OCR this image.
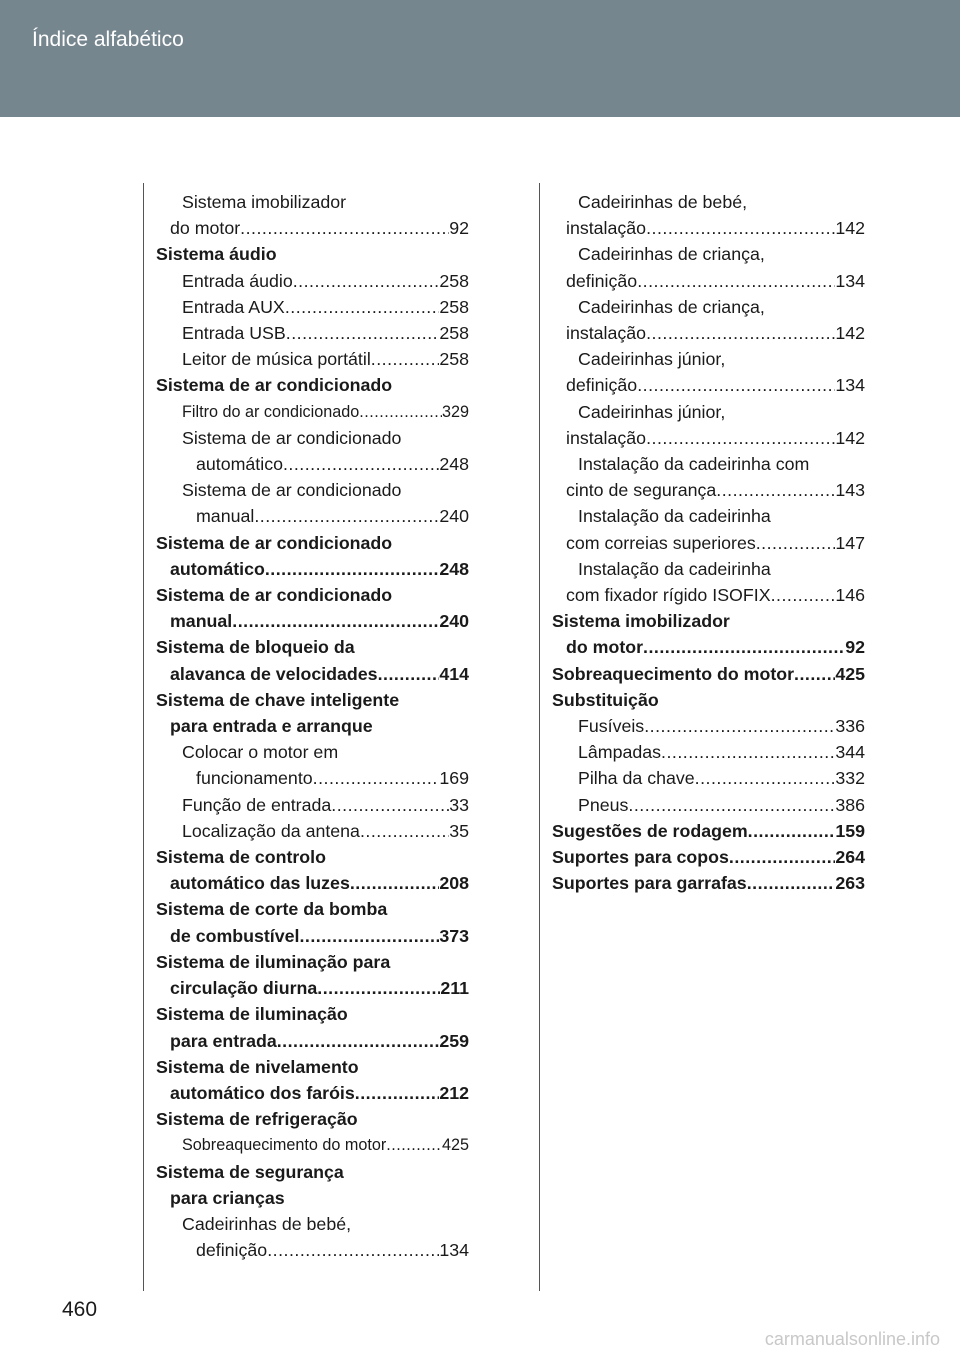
Índice alfabético
Sistema imobilizador
do motor .....	92
Sistema áudio
Entrada áudio .....	258
Entrada AUX .....	258
Entrada USB .....	258
Leitor de música portátil .....	258
Sistema de ar condicionado
Filtro do ar condicionado .....	329
Sistema de ar condicionado
automático .....	248
Sistema de ar condicionado
manual .....	240
Sistema de ar condicionado
automático .....	248
Sistema de ar condicionado
manual .....	240
Sistema de bloqueio da
alavanca de velocidades .....	414
Sistema de chave inteligente
para entrada e arranque
Colocar o motor em
funcionamento .....	169
Função de entrada .....	33
Localização da antena .....	35
Sistema de controlo
automático das luzes .....	208
Sistema de corte da bomba
de combustível .....	373
Sistema de iluminação para
circulação diurna .....	211
Sistema de iluminação
para entrada .....	259
Sistema de nivelamento
automático dos faróis .....	212
Sistema de refrigeração
Sobreaquecimento do motor .....	425
Sistema de segurança
para crianças
Cadeirinhas de bebé,
definição .....	134
Cadeirinhas de bebé,
instalação .....	142
Cadeirinhas de criança,
definição .....	134
Cadeirinhas de criança,
instalação .....	142
Cadeirinhas júnior,
definição .....	134
Cadeirinhas júnior,
instalação .....	142
Instalação da cadeirinha com
cinto de segurança .....	143
Instalação da cadeirinha
com correias superiores .....	147
Instalação da cadeirinha
com fixador rígido ISOFIX .....	146
Sistema imobilizador
do motor .....	92
Sobreaquecimento do motor ..... 425
Substituição
Fusíveis .....	336
Lâmpadas .....	344
Pilha da chave .....	332
Pneus .....	386
Sugestões de rodagem .....	159
Suportes para copos .....	264
Suportes para garrafas .....	263
460
carmanualsonline.info
